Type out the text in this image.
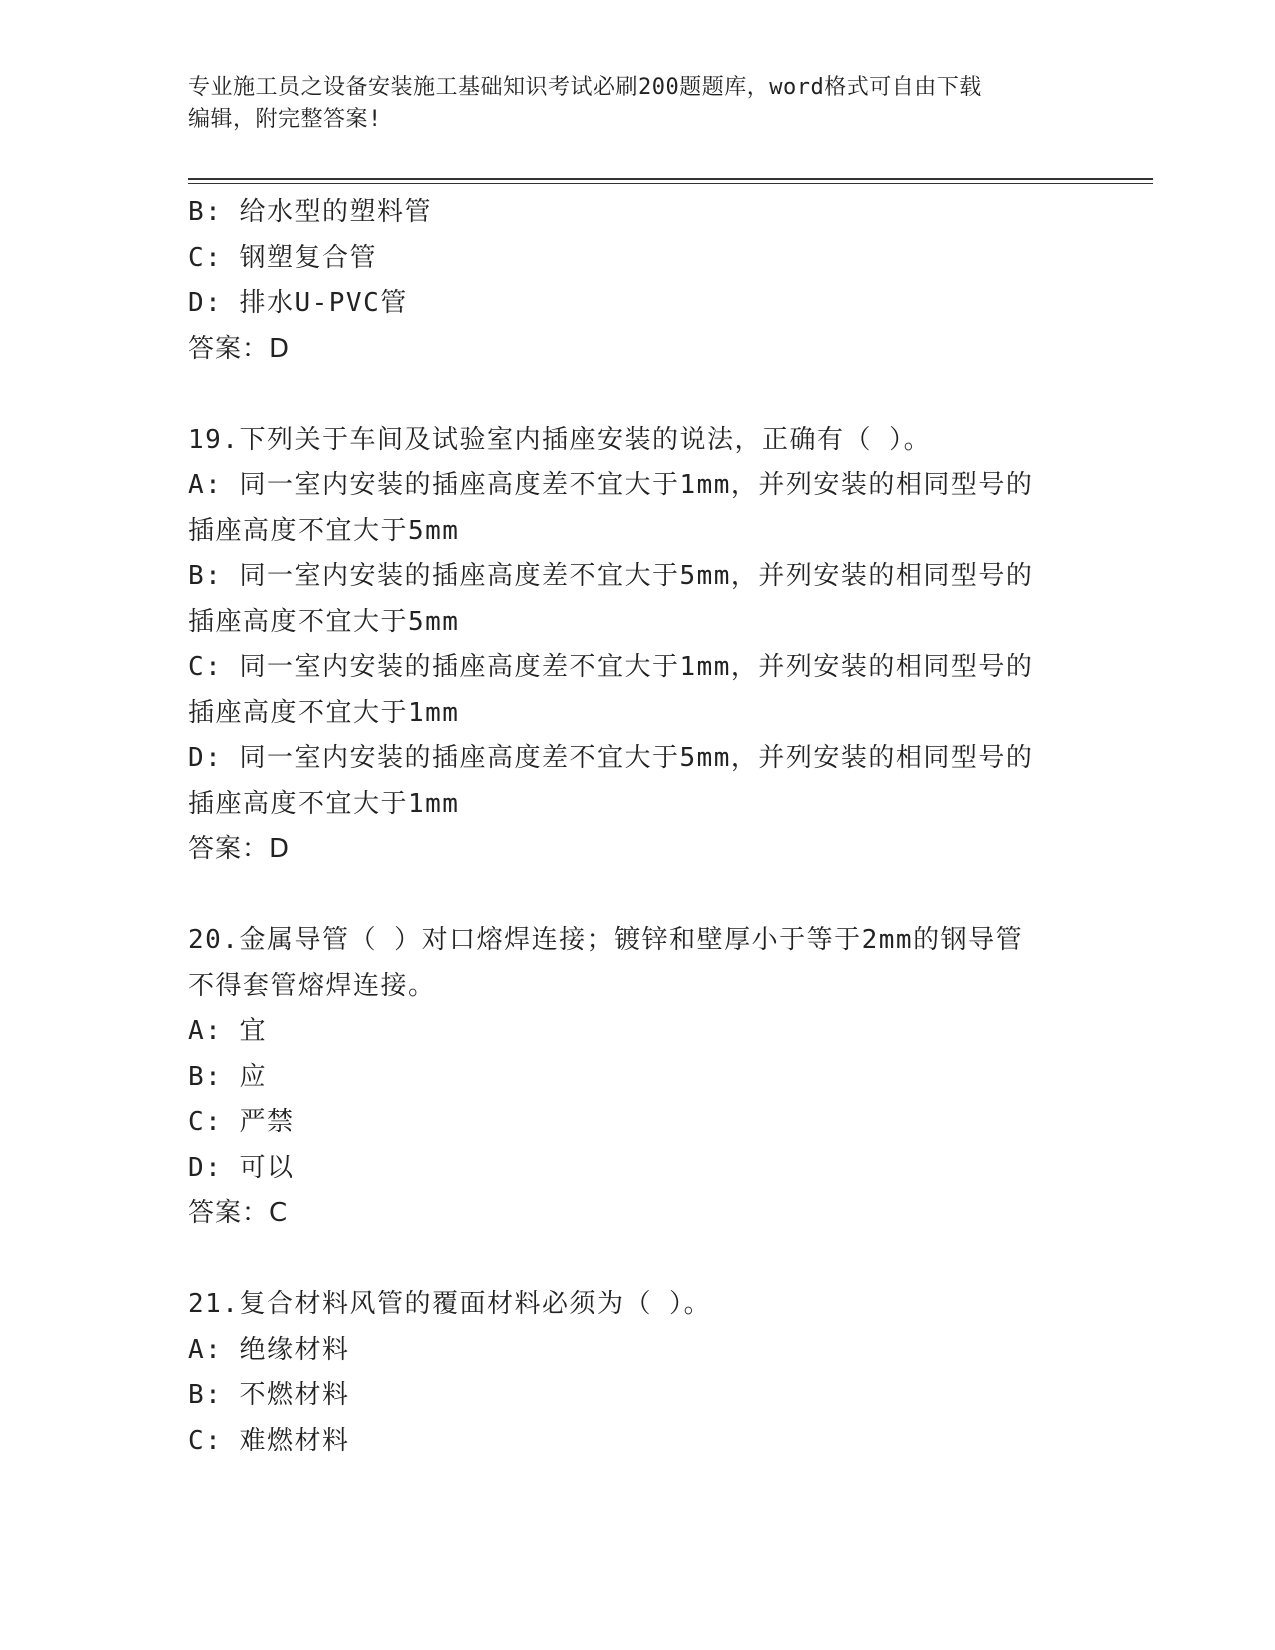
专业施工员之设备安装施工基础知识考试必刷200题题库，word格式可自由下载
编辑，附完整答案!
B: 给水型的塑料管
C: 钢塑复合管
D: 排水U-PVC管
答案：D
19.下列关于车间及试验室内插座安装的说法，正确有（ ）。
A: 同一室内安装的插座高度差不宜大于1mm，并列安装的相同型号的
插座高度不宜大于5mm
B: 同一室内安装的插座高度差不宜大于5mm，并列安装的相同型号的
插座高度不宜大于5mm
C: 同一室内安装的插座高度差不宜大于1mm，并列安装的相同型号的
插座高度不宜大于1mm
D: 同一室内安装的插座高度差不宜大于5mm，并列安装的相同型号的
插座高度不宜大于1mm
答案：D
20.金属导管（ ）对口熔焊连接；镀锌和壁厚小于等于2mm的钢导管
不得套管熔焊连接。
A: 宜
B: 应
C: 严禁
D: 可以
答案：C
21.复合材料风管的覆面材料必须为（ ）。
A: 绝缘材料
B: 不燃材料
C: 难燃材料
